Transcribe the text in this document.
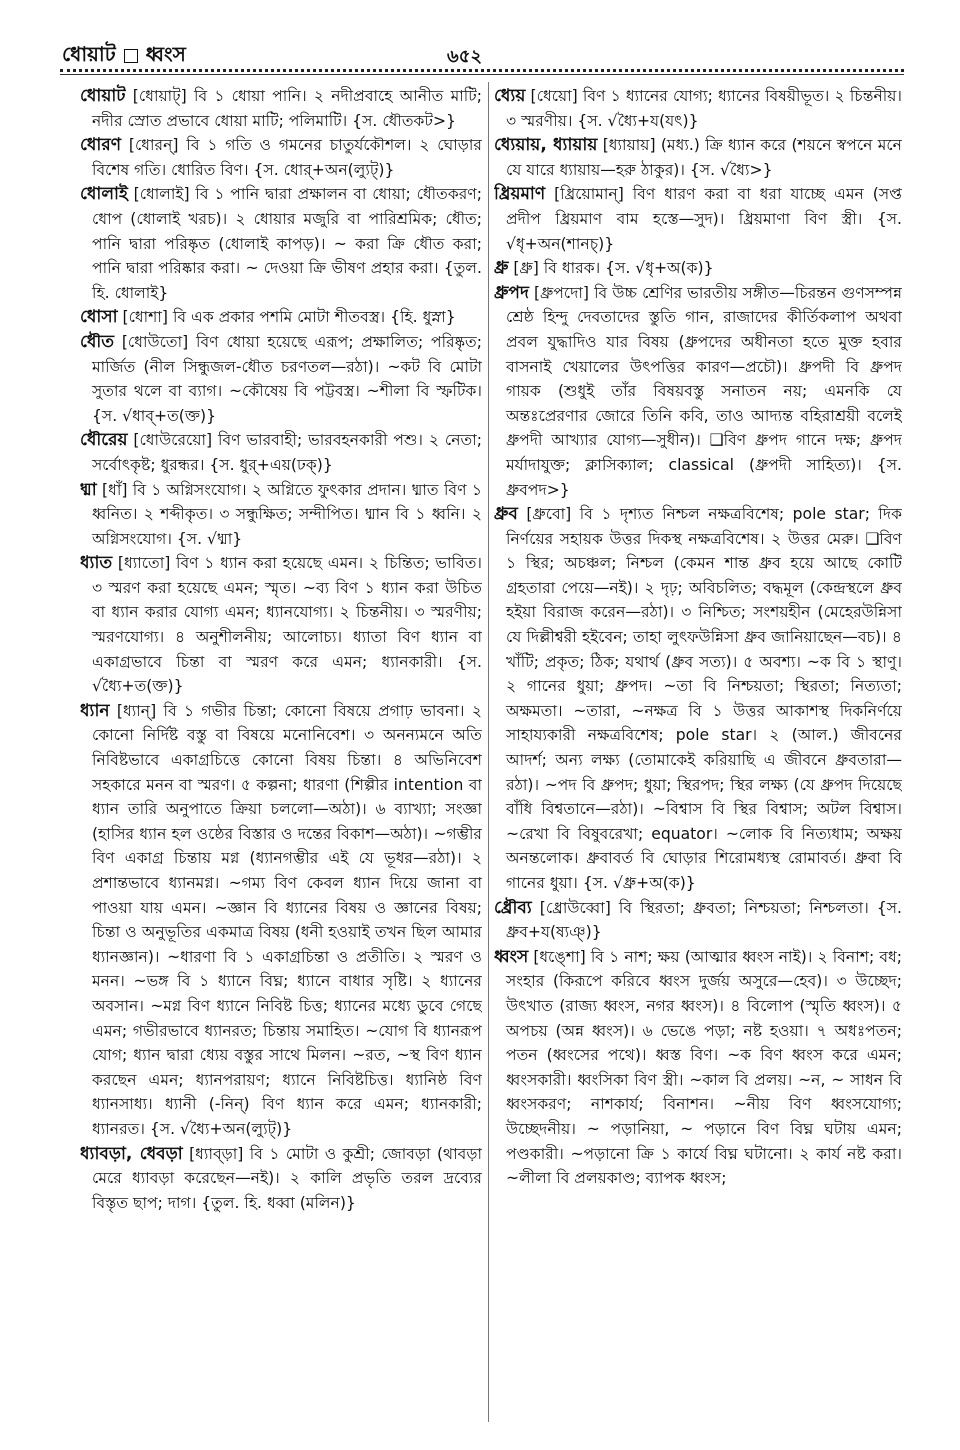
ধোয়াট ধ্বংস	৬৫২

ধোয়াট [ধোয়াট্] বি ১ ধোয়া পানি। ২ নদীপ্রবাহে আনীত মাটি; নদীর স্রোত প্রভাবে ধোয়া মাটি; পলিমাটি। {স. ধৌতকট>}

ধোরণ [ধোরন্] বি ১ গতি ও গমনের চাতুর্যকৌশল। ২ ঘোড়ার বিশেষ গতি। ধোরিত বিণ। {স. ধোর্+অন(ল্যুট্)}

ধোলাই [ধোলাই] বি ১ পানি দ্বারা প্রক্ষালন বা ধোয়া; ধৌতকরণ; ধোপ (ধোলাই খরচ)। ২ ধোয়ার মজুরি বা পারিশ্রমিক; ধৌত; পানি দ্বারা পরিষ্কৃত (ধোলাই কাপড়)। ~ করা ক্রি ধৌত করা; পানি দ্বারা পরিষ্কার করা। ~ দেওয়া ক্রি ভীষণ প্রহার করা। {তুল. হি. ধোলাই}

ধোসা [ধোশা] বি এক প্রকার পশমি মোটা শীতবস্ত্র। {হি. ধুস্না}

ধৌত [ধোউতো] বিণ ধোয়া হয়েছে এরূপ; প্রক্ষালিত; পরিষ্কৃত; মার্জিত (নীল সিন্ধুজল-ধৌত চরণতল—রঠা)। ~কট বি মোটা সুতার থলে বা ব্যাগ। ~কৌষেয় বি পট্টবস্ত্র। ~শীলা বি স্ফটিক। {স. √ধাব্+ত(ক্ত)}

ধৌরেয় [ধোউরেয়ো] বিণ ভারবাহী; ভারবহনকারী পশু। ২ নেতা; সর্বোৎকৃষ্ট; ধুরন্ধর। {স. ধুর্+এয়(ঢক্)}

ধ্মা [ধাঁ] বি ১ অগ্নিসংযোগ। ২ অগ্নিতে ফুৎকার প্রদান। ধ্মাত বিণ ১ ধ্বনিত। ২ শব্দীকৃত। ৩ সন্ধুক্ষিত; সন্দীপিত। ধ্মান বি ১ ধ্বনি। ২ অগ্নিসংযোগ। {স. √ধ্মা}

ধ্যাত [ধ্যাতো] বিণ ১ ধ্যান করা হয়েছে এমন। ২ চিন্তিত; ভাবিত। ৩ স্মরণ করা হয়েছে এমন; স্মৃত। ~ব্য বিণ ১ ধ্যান করা উচিত বা ধ্যান করার যোগ্য এমন; ধ্যানযোগ্য। ২ চিন্তনীয়। ৩ স্মরণীয়; স্মরণযোগ্য। ৪ অনুশীলনীয়; আলোচ্য। ধ্যাতা বিণ ধ্যান বা একাগ্রভাবে চিন্তা বা স্মরণ করে এমন; ধ্যানকারী। {স. √ধ্যৈ+ত(ক্ত)}

ধ্যান [ধ্যান্] বি ১ গভীর চিন্তা; কোনো বিষয়ে প্রগাঢ় ভাবনা। ২ কোনো নির্দিষ্ট বস্তু বা বিষয়ে মনোনিবেশ। ৩ অনন্যমনে অতি নিবিষ্টভাবে একাগ্রচিত্তে কোনো বিষয় চিন্তা। ৪ অভিনিবেশ সহকারে মনন বা স্মরণ। ৫ কল্পনা; ধারণা (শিল্পীর intention বা ধ্যান তারি অনুপাতে ক্রিয়া চললো—অঠা)। ৬ ব্যাখ্যা; সংজ্ঞা (হাসির ধ্যান হল ওষ্ঠের বিস্তার ও দন্তের বিকাশ—অঠা)। ~গম্ভীর বিণ একাগ্র চিন্তায় মগ্ন (ধ্যানগম্ভীর এই যে ভূধর—রঠা)। ২ প্রশান্তভাবে ধ্যানমগ্ন। ~গম্য বিণ কেবল ধ্যান দিয়ে জানা বা পাওয়া যায় এমন। ~জ্ঞান বি ধ্যানের বিষয় ও জ্ঞানের বিষয়; চিন্তা ও অনুভূতির একমাত্র বিষয় (ধনী হওয়াই তখন ছিল আমার ধ্যানজ্ঞান)। ~ধারণা বি ১ একাগ্রচিন্তা ও প্রতীতি। ২ স্মরণ ও মনন। ~ভঙ্গ বি ১ ধ্যানে বিঘ্ন; ধ্যানে বাধার সৃষ্টি। ২ ধ্যানের অবসান। ~মগ্ন বিণ ধ্যানে নিবিষ্ট চিত্ত; ধ্যানের মধ্যে ডুবে গেছে এমন; গভীরভাবে ধ্যানরত; চিন্তায় সমাহিত। ~যোগ বি ধ্যানরূপ যোগ; ধ্যান দ্বারা ধ্যেয় বস্তুর সাথে মিলন। ~রত, ~স্থ বিণ ধ্যান করছেন এমন; ধ্যানপরায়ণ; ধ্যানে নিবিষ্টচিত্ত। ধ্যানিষ্ঠ বিণ ধ্যানসাধ্য। ধ্যানী (-নিন্) বিণ ধ্যান করে এমন; ধ্যানকারী; ধ্যানরত। {স. √ধ্যৈ+অন(ল্যুট্)}

ধ্যাবড়া, ধেবড়া [ধ্যাব্ড়া] বি ১ মোটা ও কুশ্রী; জোবড়া (থাবড়া মেরে ধ্যাবড়া করেছেন—নই)। ২ কালি প্রভৃতি তরল দ্রব্যের বিস্তৃত ছাপ; দাগ। {তুল. হি. ধব্বা (মলিন)}

ধ্যেয় [ধেয়ো] বিণ ১ ধ্যানের যোগ্য; ধ্যানের বিষয়ীভূত। ২ চিন্তনীয়। ৩ স্মরণীয়। {স. √ধ্যৈ+য(যৎ)}

ধ্যেয়ায়, ধ্যায়ায় [ধ্যায়ায়] (মধ্য.) ক্রি ধ্যান করে (শয়নে স্বপনে মনে যে যারে ধ্যায়ায়—হরু ঠাকুর)। {স. √ধ্যৈ>}

ধ্রিয়মাণ [ধ্রিয়োমান্] বিণ ধারণ করা বা ধরা যাচ্ছে এমন (সপ্ত প্রদীপ ধ্রিয়মাণ বাম হস্তে—সুদ)। ধ্রিয়মাণা বিণ স্ত্রী। {স. √ধৃ+অন(শানচ্)}

ধ্রু [ধ্রু] বি ধারক। {স. √ধৃ+অ(ক)}

ধ্রুপদ [ধ্রুপদো] বি উচ্চ শ্রেণির ভারতীয় সঙ্গীত—চিরন্তন গুণসম্পন্ন শ্রেষ্ঠ হিন্দু দেবতাদের স্তুতি গান, রাজাদের কীর্তিকলাপ অথবা প্রবল যুদ্ধাদিও যার বিষয় (ধ্রুপদের অধীনতা হতে মুক্ত হবার বাসনাই খেয়ালের উৎপত্তির কারণ—প্রচৌ)। ধ্রুপদী বি ধ্রুপদ গায়ক (শুধুই তাঁর বিষয়বস্তু সনাতন নয়; এমনকি যে অন্তঃপ্রেরণার জোরে তিনি কবি, তাও আদ্যন্ত বহিরাশ্রয়ী বলেই ধ্রুপদী আখ্যার যোগ্য—সুধীন)। ❑বিণ ধ্রুপদ গানে দক্ষ; ধ্রুপদ মর্যাদাযুক্ত; ক্লাসিক্যাল; classical (ধ্রুপদী সাহিত্য)। {স. ধ্রুবপদ>}

ধ্রুব [ধ্রুবো] বি ১ দৃশ্যত নিশ্চল নক্ষত্রবিশেষ; pole star; দিক নির্ণয়ের সহায়ক উত্তর দিকস্থ নক্ষত্রবিশেষ। ২ উত্তর মেরু। ❑বিণ ১ স্থির; অচঞ্চল; নিশ্চল (কেমন শান্ত ধ্রুব হয়ে আছে কোটি গ্রহতারা পেয়ে—নই)। ২ দৃঢ়; অবিচলিত; বদ্ধমূল (কেন্দ্রস্থলে ধ্রুব হইয়া বিরাজ করেন—রঠা)। ৩ নিশ্চিত; সংশয়হীন (মেহেরউন্নিসা যে দিল্লীশ্বরী হইবেন; তাহা লুৎফউন্নিসা ধ্রুব জানিয়াছেন—বচ)। ৪ খাঁটি; প্রকৃত; ঠিক; যথার্থ (ধ্রুব সত্য)। ৫ অবশ্য। ~ক বি ১ স্থাণু। ২ গানের ধুয়া; ধ্রুপদ। ~তা বি নিশ্চয়তা; স্থিরতা; নিত্যতা; অক্ষমতা। ~তারা, ~নক্ষত্র বি ১ উত্তর আকাশস্থ দিকনির্ণয়ে সাহায্যকারী নক্ষত্রবিশেষ; pole star। ২ (আল.) জীবনের আদর্শ; অন্য লক্ষ্য (তোমাকেই করিয়াছি এ জীবনে ধ্রুবতারা—রঠা)। ~পদ বি ধ্রুপদ; ধুয়া; স্থিরপদ; স্থির লক্ষ্য (যে ধ্রুপদ দিয়েছে বাঁধি বিশ্বতানে—রঠা)। ~বিশ্বাস বি স্থির বিশ্বাস; অটল বিশ্বাস। ~রেখা বি বিষুবরেখা; equator। ~লোক বি নিত্যধাম; অক্ষয় অনন্তলোক। ধ্রুবাবর্ত বি ঘোড়ার শিরোমধ্যস্থ রোমাবর্ত। ধ্রুবা বি গানের ধুয়া। {স. √ধ্রু+অ(ক)}

ধ্রৌব্য [ধ্রোউব্বো] বি স্থিরতা; ধ্রুবতা; নিশ্চয়তা; নিশ্চলতা। {স. ধ্রুব+য(ষ্যঞ্)}

ধ্বংস [ধঙ্শো] বি ১ নাশ; ক্ষয় (আত্মার ধ্বংস নাই)। ২ বিনাশ; বধ; সংহার (কিরূপে করিবে ধ্বংস দুর্জয় অসুরে—হেব)। ৩ উচ্ছেদ; উৎখাত (রাজ্য ধ্বংস, নগর ধ্বংস)। ৪ বিলোপ (স্মৃতি ধ্বংস)। ৫ অপচয় (অন্ন ধ্বংস)। ৬ ভেঙে পড়া; নষ্ট হওয়া। ৭ অধঃপতন; পতন (ধ্বংসের পথে)। ধ্বস্ত বিণ। ~ক বিণ ধ্বংস করে এমন; ধ্বংসকারী। ধ্বংসিকা বিণ স্ত্রী। ~কাল বি প্রলয়। ~ন, ~ সাধন বি ধ্বংসকরণ; নাশকার্য; বিনাশন। ~নীয় বিণ ধ্বংসযোগ্য; উচ্ছেদনীয়। ~ পড়ানিয়া, ~ পড়ানে বিণ বিঘ্ন ঘটায় এমন; পণ্ডকারী। ~পড়ানো ক্রি ১ কার্যে বিঘ্ন ঘটানো। ২ কার্য নষ্ট করা। ~লীলা বি প্রলয়কাণ্ড; ব্যাপক ধ্বংস;
